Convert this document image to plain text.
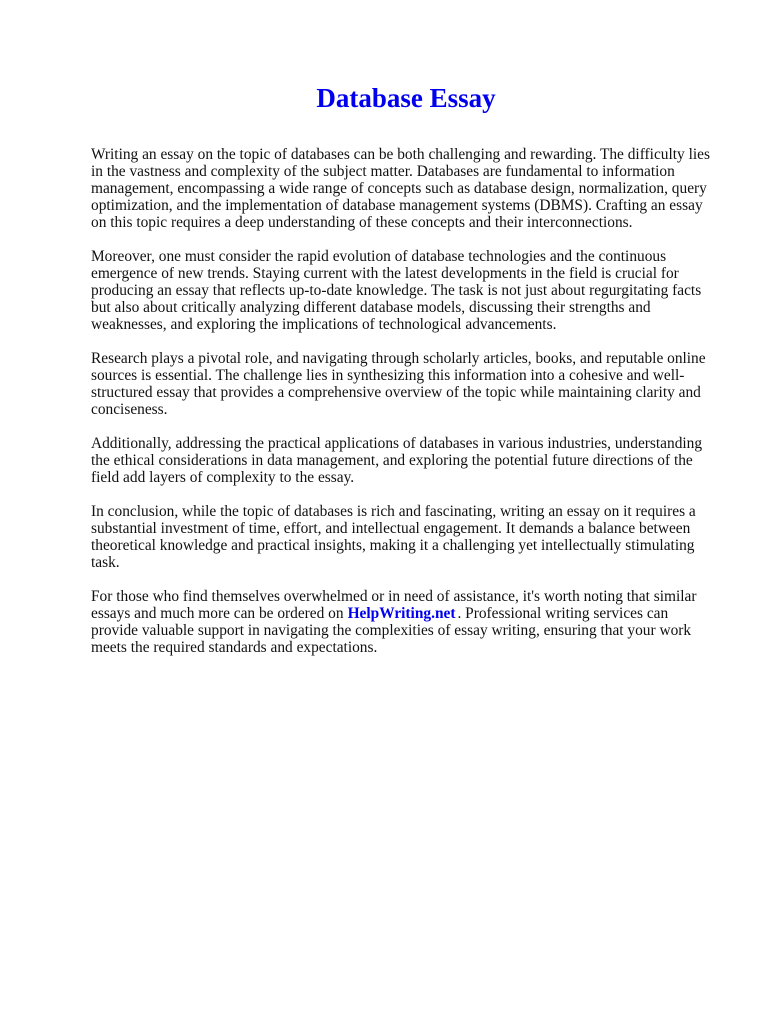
Database Essay

Writing an essay on the topic of databases can be both challenging and rewarding. The difficulty lies in the vastness and complexity of the subject matter. Databases are fundamental to information management, encompassing a wide range of concepts such as database design, normalization, query optimization, and the implementation of database management systems (DBMS). Crafting an essay on this topic requires a deep understanding of these concepts and their interconnections.

Moreover, one must consider the rapid evolution of database technologies and the continuous emergence of new trends. Staying current with the latest developments in the field is crucial for producing an essay that reflects up-to-date knowledge. The task is not just about regurgitating facts but also about critically analyzing different database models, discussing their strengths and weaknesses, and exploring the implications of technological advancements.

Research plays a pivotal role, and navigating through scholarly articles, books, and reputable online sources is essential. The challenge lies in synthesizing this information into a cohesive and well-structured essay that provides a comprehensive overview of the topic while maintaining clarity and conciseness.

Additionally, addressing the practical applications of databases in various industries, understanding the ethical considerations in data management, and exploring the potential future directions of the field add layers of complexity to the essay.

In conclusion, while the topic of databases is rich and fascinating, writing an essay on it requires a substantial investment of time, effort, and intellectual engagement. It demands a balance between theoretical knowledge and practical insights, making it a challenging yet intellectually stimulating task.

For those who find themselves overwhelmed or in need of assistance, it's worth noting that similar essays and much more can be ordered on HelpWriting.net . Professional writing services can provide valuable support in navigating the complexities of essay writing, ensuring that your work meets the required standards and expectations.
